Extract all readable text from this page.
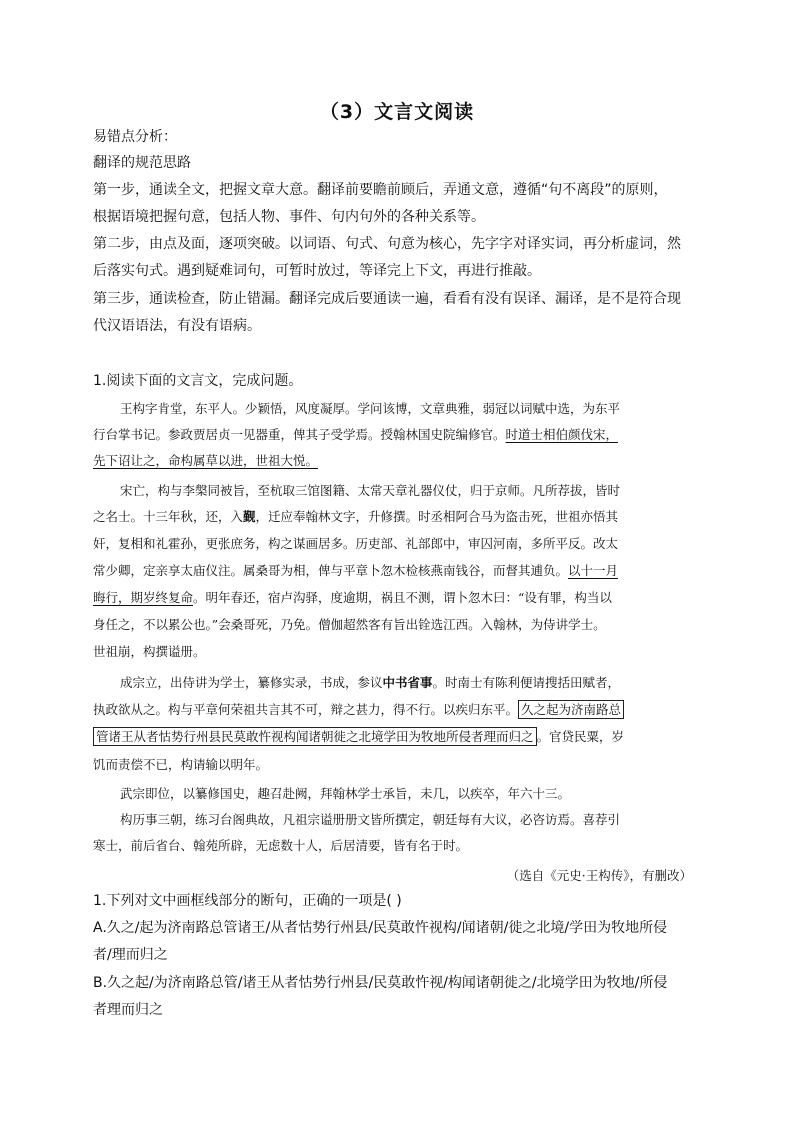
（3）文言文阅读
易错点分析：
翻译的规范思路
第一步，通读全文，把握文章大意。翻译前要瞻前顾后，弄通文意，遵循“句不离段”的原则，
根据语境把握句意，包括人物、事件、句内句外的各种关系等。
第二步，由点及面，逐项突破。以词语、句式、句意为核心，先字字对译实词，再分析虚词，然
后落实句式。遇到疑难词句，可暂时放过，等译完上下文，再进行推敲。
第三步，通读检查，防止错漏。翻译完成后要通读一遍，看看有没有误译、漏译，是不是符合现
代汉语语法，有没有语病。
1.阅读下面的文言文，完成问题。
王构字肯堂，东平人。少颖悟，风度凝厚。学问该博，文章典雅，弱冠以词赋中选，为东平
行台掌书记。参政贾居贞一见器重，俾其子受学焉。授翰林国史院编修官。时道士相伯颜伐宋，
先下诏让之，命构属草以进，世祖大悦。
宋亡，构与李槃同被旨，至杭取三馆图籍、太常天章礼器仪仗，归于京师。凡所荐拔，皆时
之名士。十三年秋，还，入觐，迁应奉翰林文字，升修撰。时丞相阿合马为盗击死，世祖亦悟其
奸，复相和礼霍孙，更张庶务，构之谋画居多。历吏部、礼部郎中，审囚河南，多所平反。改太
常少卿，定亲享太庙仪注。属桑哥为相，俾与平章卜忽木检核燕南钱谷，而督其逋负。以十一月
晦行，期岁终复命。明年春还，宿卢沟驿，度逾期，祸且不测，谓卜忽木曰：“设有罪，构当以
身任之，不以累公也。”会桑哥死，乃免。僧伽超然客有旨出铨选江西。入翰林，为侍讲学士。
世祖崩，构撰谥册。
成宗立，出侍讲为学士，纂修实录，书成，参议中书省事。时南士有陈利便请搜括田赋者，
执政欲从之。构与平章何荣祖共言其不可，辩之甚力，得不行。以疾归东平。 久之起为济南路总
管诸王从者怙势行州县民莫敢忤视构闻诸朝徙之北境学田为牧地所侵者理而归之 。官贷民粟，岁
饥而责偿不已，构请输以明年。
武宗即位，以纂修国史，趣召赴阙，拜翰林学士承旨，未几，以疾卒，年六十三。
构历事三朝，练习台阁典故，凡祖宗谥册册文皆所撰定，朝廷每有大议，必咨访焉。喜荐引
寒士，前后省台、翰苑所辟，无虑数十人，后居清要，皆有名于时。
（选自《元史·王构传》，有删改）
1.下列对文中画框线部分的断句，正确的一项是( )
A.久之/起为济南路总管诸王/从者怙势行州县/民莫敢忤视构/闻诸朝/徙之北境/学田为牧地所侵
者/理而归之
B.久之起/为济南路总管/诸王从者怙势行州县/民莫敢忤视/构闻诸朝徙之/北境学田为牧地/所侵
者理而归之
